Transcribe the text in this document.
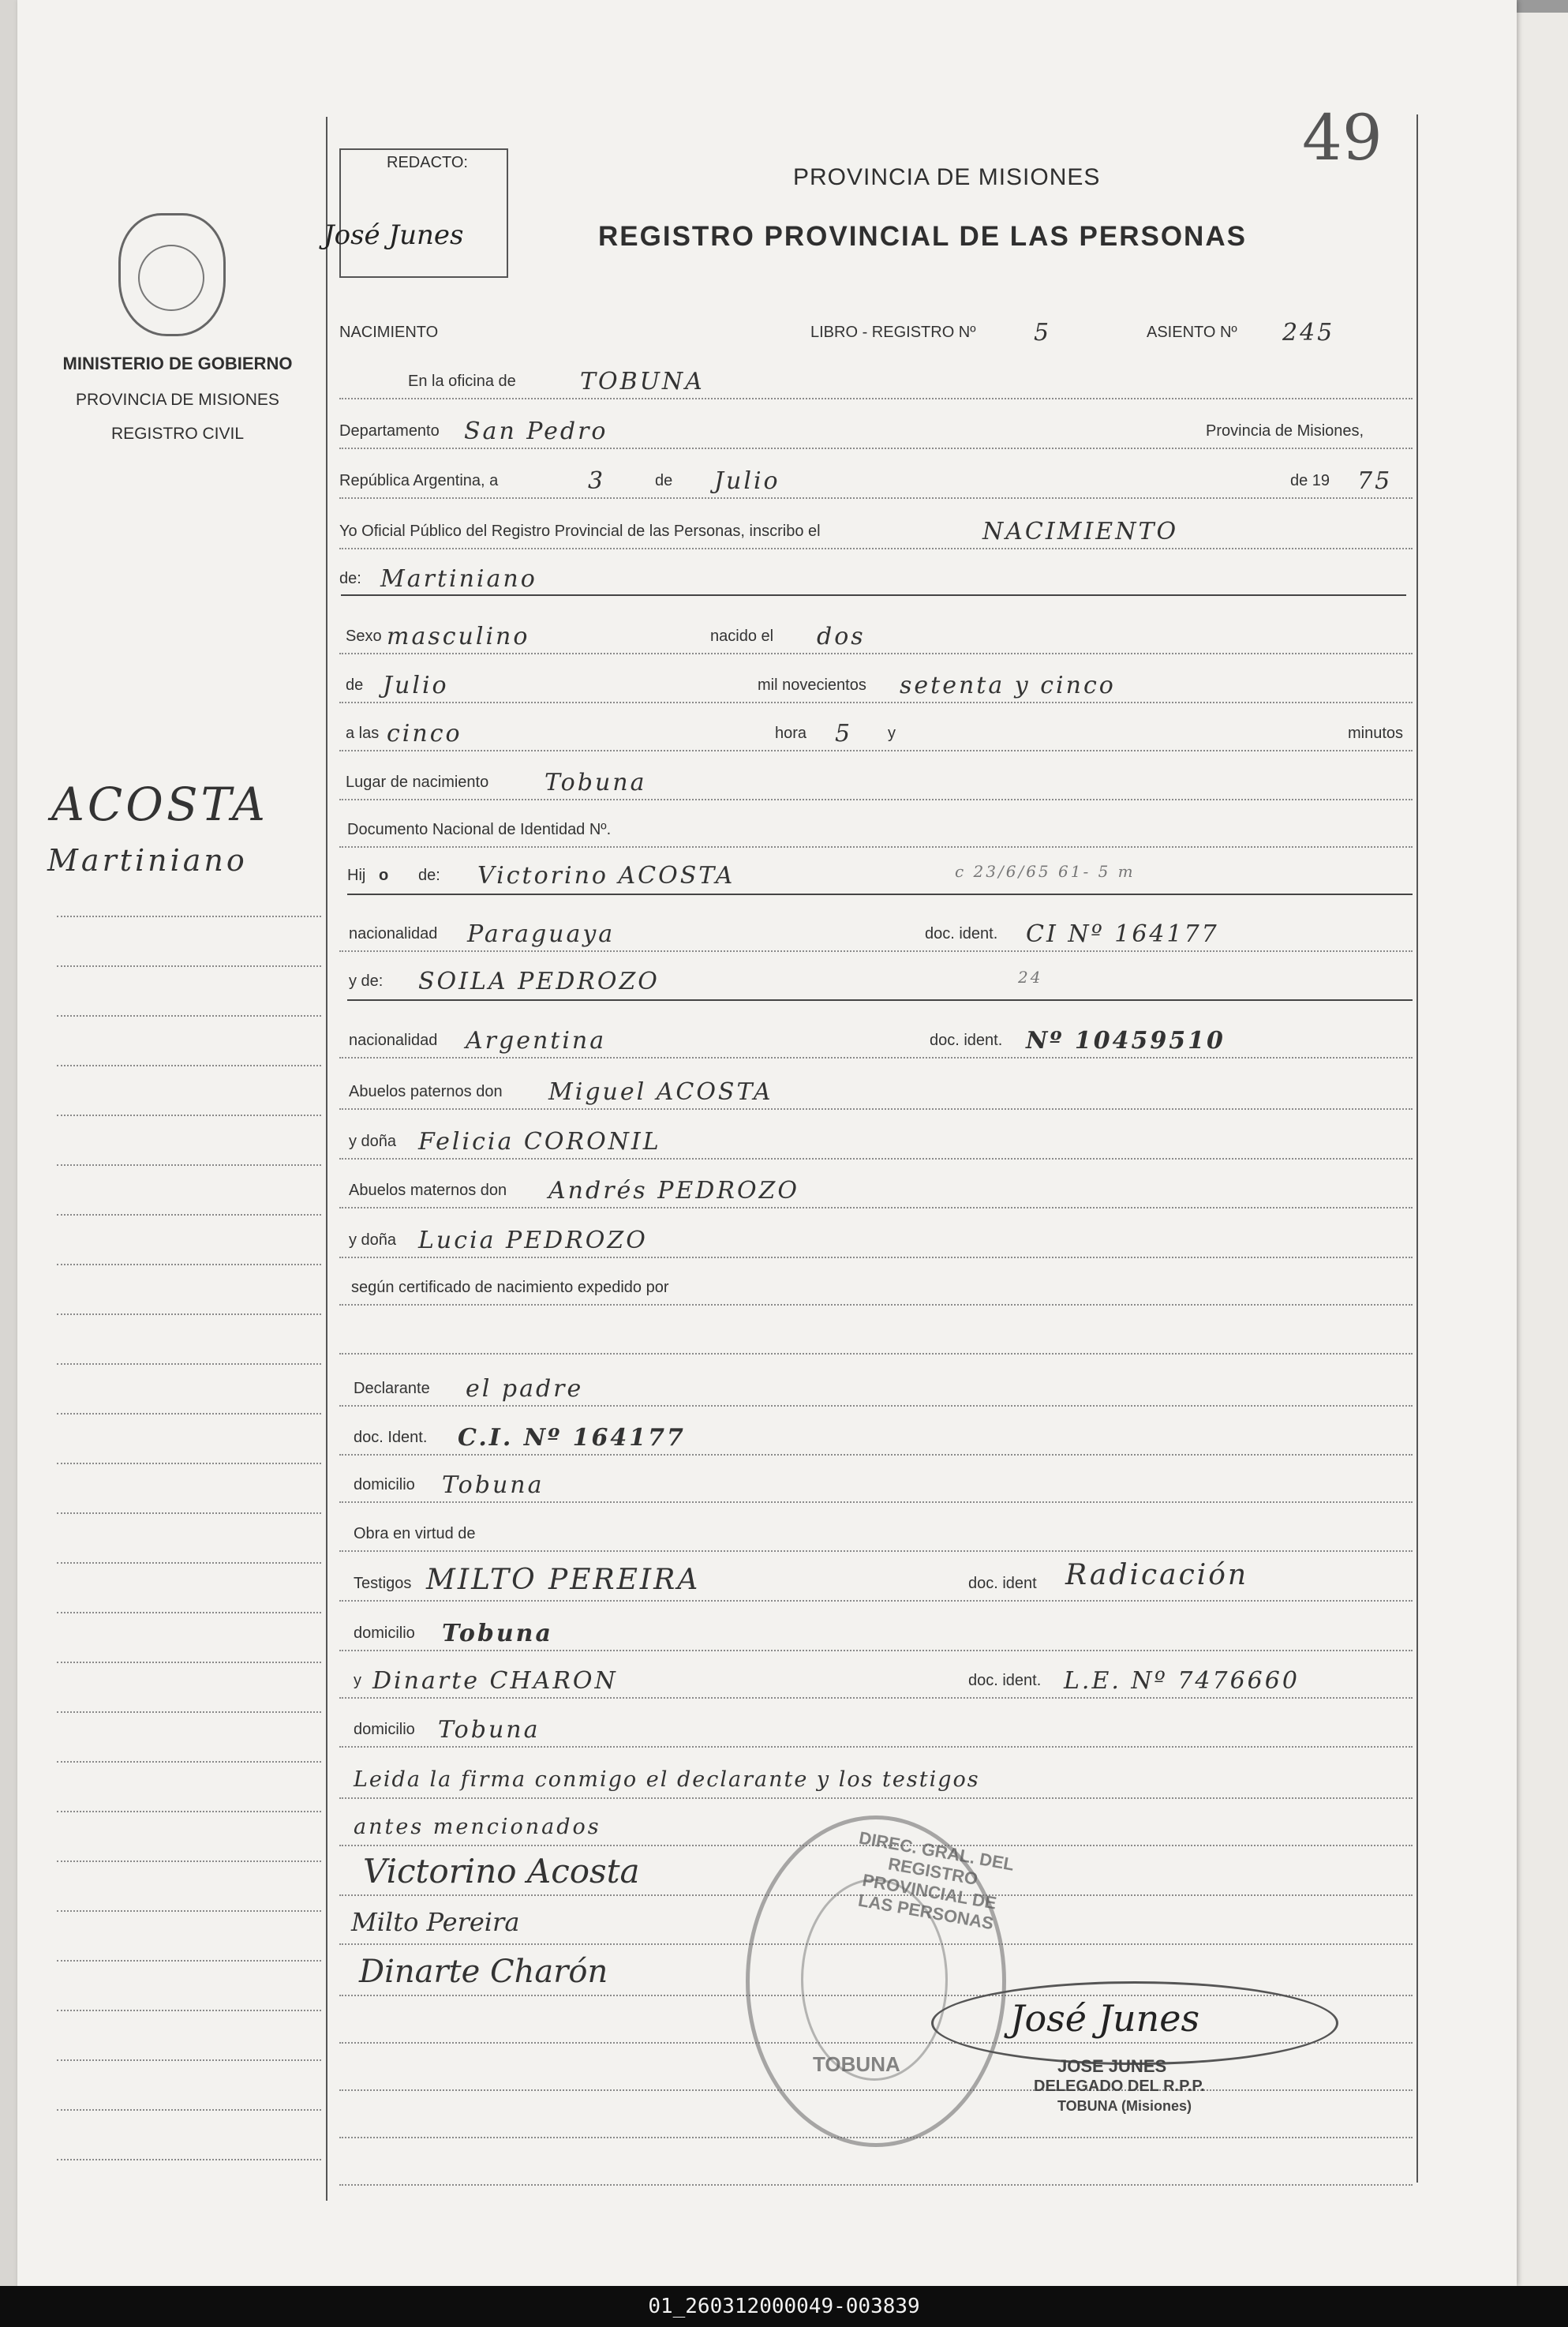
49
REDACTO:
José Junes
PROVINCIA DE MISIONES
REGISTRO PROVINCIAL DE LAS PERSONAS
MINISTERIO DE GOBIERNO
PROVINCIA DE MISIONES
REGISTRO CIVIL
ACOSTA
Martiniano
NACIMIENTO	LIBRO - REGISTRO Nº 5	ASIENTO Nº 245
En la oficina de	TOBUNA
Departamento San Pedro	Provincia de Misiones,
República Argentina, a	3	de Julio	de 19 75
Yo Oficial Público del Registro Provincial de las Personas, inscribo el	NACIMIENTO
de: Martiniano
Sexo masculino	nacido el dos
de Julio	mil novecientos setenta y cinco
a las cinco	hora 5 y	minutos
Lugar de nacimiento Tobuna
Documento Nacional de Identidad Nº.
Hij o de: Victorino ACOSTA	c 23/6/65 61- 5 m
nacionalidad Paraguaya	doc. ident. CI Nº 164177
y de: SOILA PEDROZO	24
nacionalidad Argentina	doc. ident. Nº 10459510
Abuelos paternos don Miguel ACOSTA
y doña Felicia CORONIL
Abuelos maternos don Andrés PEDROZO
y doña Lucia PEDROZO
según certificado de nacimiento expedido por
Declarante el padre
doc. Ident. C.I. Nº 164177
domicilio Tobuna
Obra en virtud de
Testigos MILTO PEREIRA	doc. ident Radicación
domicilio Tobuna
y Dinarte CHARON	doc. ident. L.E. Nº 7476660
domicilio Tobuna
Leida la firma conmigo el declarante y los testigos
antes mencionados
Victorino Acosta
Milto Pereira
Dinarte Charón
DIREC. GRAL. DEL REGISTRO PROVINCIAL DE LAS PERSONAS
TOBUNA
José Junes
JOSE JUNES
DELEGADO DEL R.P.P.
TOBUNA (Misiones)
01_260312000049-003839
